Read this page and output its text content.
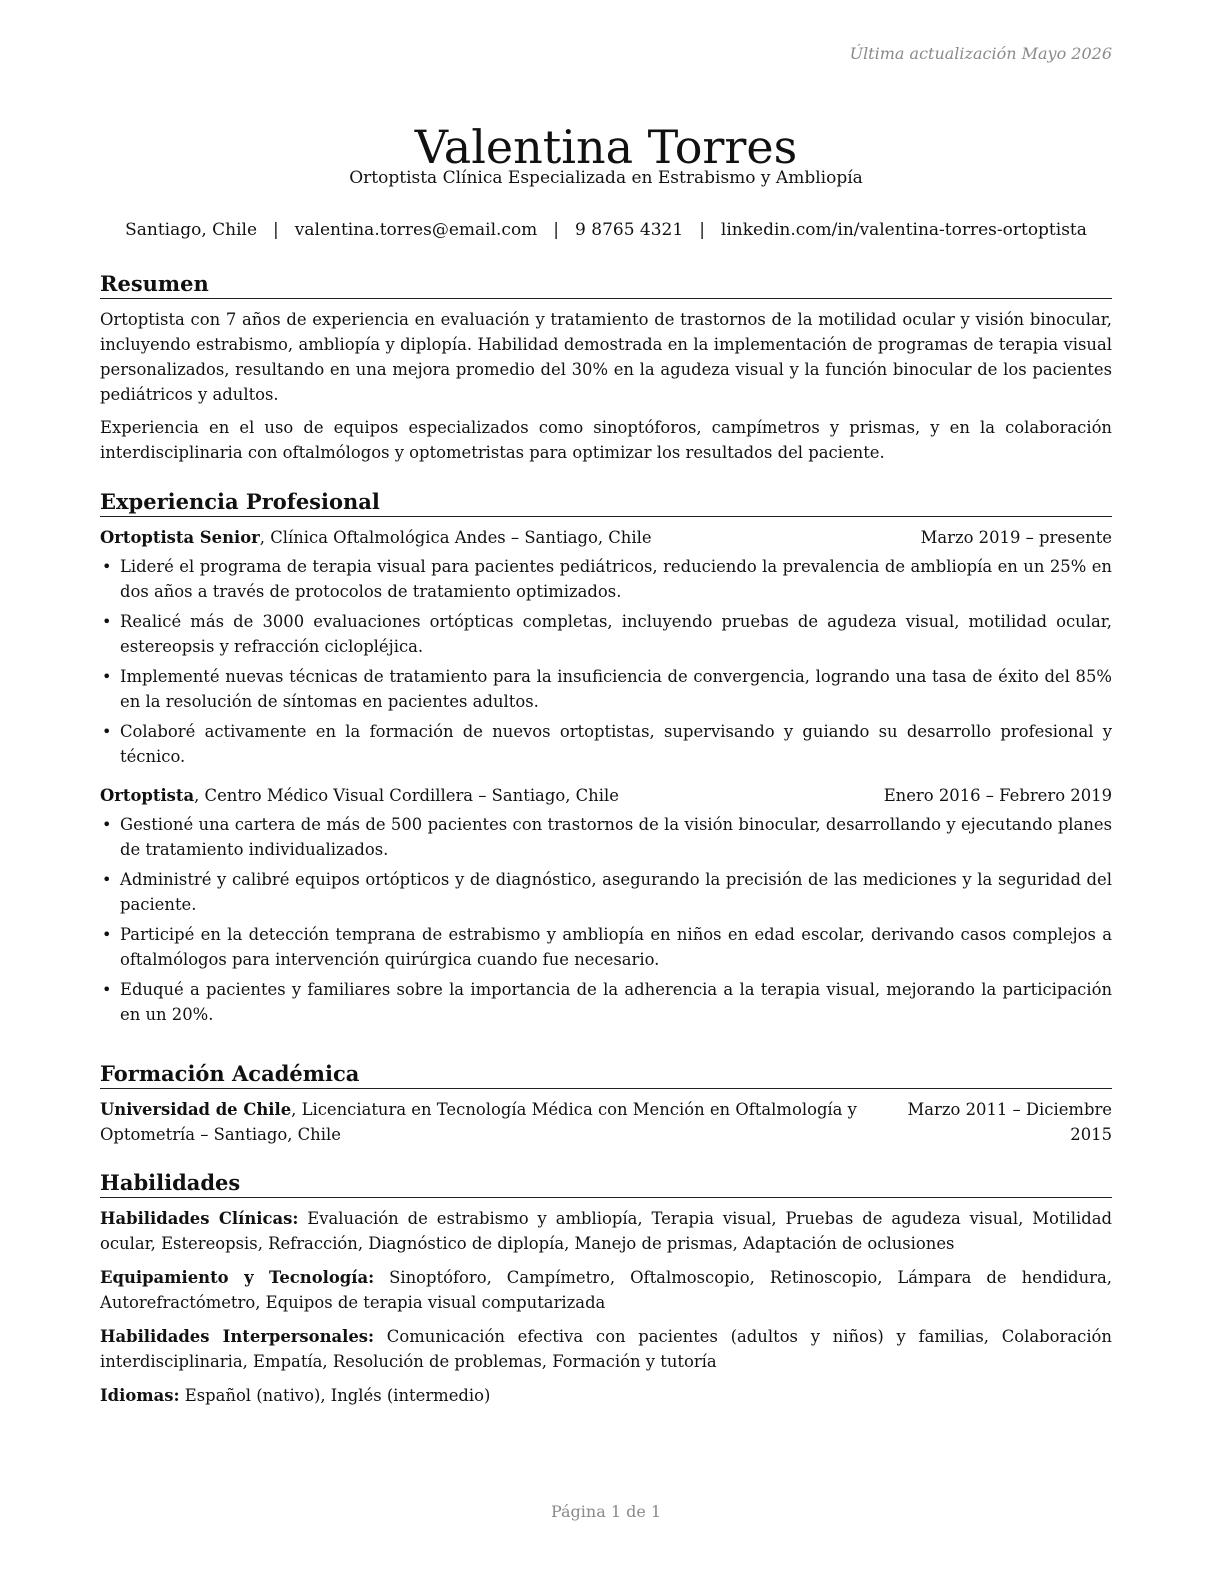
Última actualización Mayo 2026
Valentina Torres
Ortoptista Clínica Especializada en Estrabismo y Ambliopía
Santiago, Chile | valentina.torres@email.com | 9 8765 4321 | linkedin.com/in/valentina-torres-ortoptista
Resumen

Ortoptista con 7 años de experiencia en evaluación y tratamiento de trastornos de la motilidad ocular y visión binocular, incluyendo estrabismo, ambliopía y diplopía. Habilidad demostrada en la implementación de programas de terapia visual personalizados, resultando en una mejora promedio del 30% en la agudeza visual y la función binocular de los pacientes pediátricos y adultos.

Experiencia en el uso de equipos especializados como sinoptóforos, campímetros y prismas, y en la colaboración interdisciplinaria con oftalmólogos y optometristas para optimizar los resultados del paciente.

Experiencia Profesional
Ortoptista Senior, Clínica Oftalmológica Andes – Santiago, Chile	Marzo 2019 – presente
• Lideré el programa de terapia visual para pacientes pediátricos, reduciendo la prevalencia de ambliopía en un 25% en dos años a través de protocolos de tratamiento optimizados.
• Realicé más de 3000 evaluaciones ortópticas completas, incluyendo pruebas de agudeza visual, motilidad ocular, estereopsis y refracción ciclopléjica.
• Implementé nuevas técnicas de tratamiento para la insuficiencia de convergencia, logrando una tasa de éxito del 85% en la resolución de síntomas en pacientes adultos.
• Colaboré activamente en la formación de nuevos ortoptistas, supervisando y guiando su desarrollo profesional y técnico.
Ortoptista, Centro Médico Visual Cordillera – Santiago, Chile	Enero 2016 – Febrero 2019
• Gestioné una cartera de más de 500 pacientes con trastornos de la visión binocular, desarrollando y ejecutando planes de tratamiento individualizados.
• Administré y calibré equipos ortópticos y de diagnóstico, asegurando la precisión de las mediciones y la seguridad del paciente.
• Participé en la detección temprana de estrabismo y ambliopía en niños en edad escolar, derivando casos complejos a oftalmólogos para intervención quirúrgica cuando fue necesario.
• Eduqué a pacientes y familiares sobre la importancia de la adherencia a la terapia visual, mejorando la participación en un 20%.
Formación Académica
Universidad de Chile, Licenciatura en Tecnología Médica con Mención en Oftalmología y Optometría – Santiago, Chile
Marzo 2011 – Diciembre 2015
Habilidades

Habilidades Clínicas: Evaluación de estrabismo y ambliopía, Terapia visual, Pruebas de agudeza visual, Motilidad ocular, Estereopsis, Refracción, Diagnóstico de diplopía, Manejo de prismas, Adaptación de oclusiones

Equipamiento y Tecnología: Sinoptóforo, Campímetro, Oftalmoscopio, Retinoscopio, Lámpara de hendidura, Autorefractómetro, Equipos de terapia visual computarizada

Habilidades Interpersonales: Comunicación efectiva con pacientes (adultos y niños) y familias, Colaboración interdisciplinaria, Empatía, Resolución de problemas, Formación y tutoría

Idiomas: Español (nativo), Inglés (intermedio)

Página 1 de 1
